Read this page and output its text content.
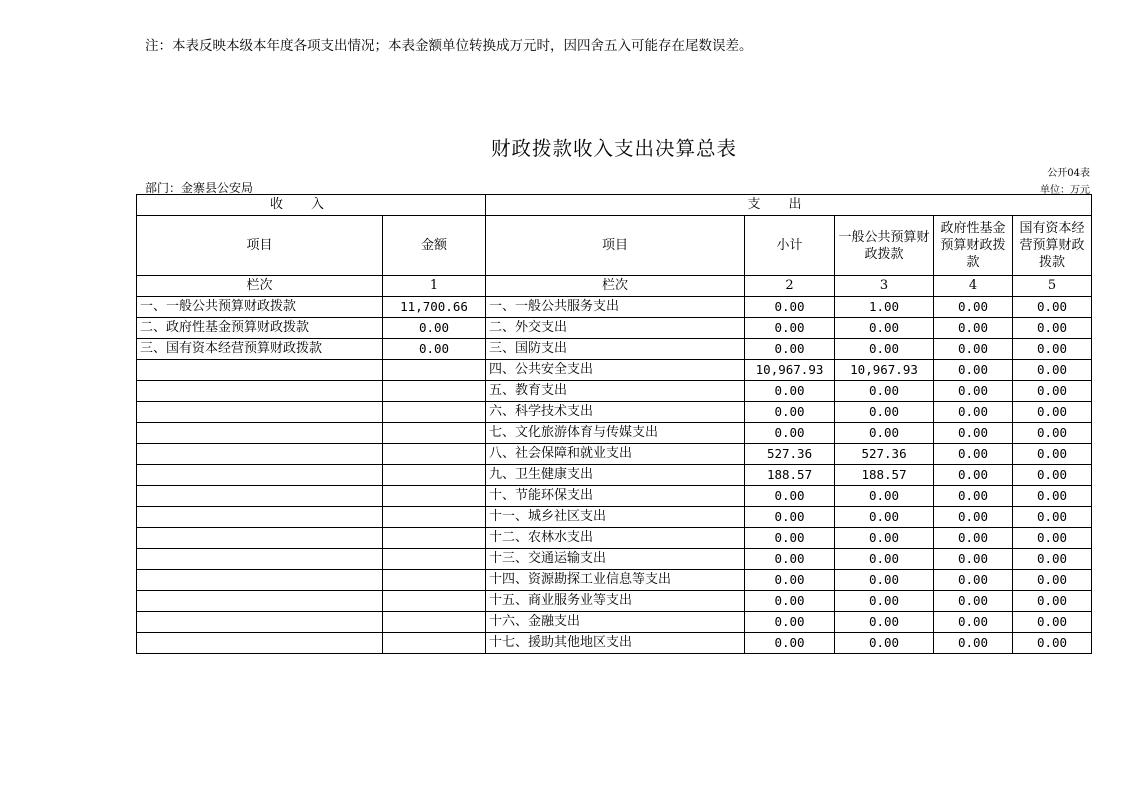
注：本表反映本级本年度各项支出情况；本表金额单位转换成万元时，因四舍五入可能存在尾数误差。
财政拨款收入支出决算总表
公开04表
部门：金寨县公安局	单位：万元
收入		支出				
项目	金额	项目	小计	一般公共预算财政拨款	政府性基金预算财政拨款	国有资本经营预算财政拨款
栏次	1	栏次	2	3	4	5
一、一般公共预算财政拨款	11,700.66	一、一般公共服务支出	0.00	1.00	0.00	0.00
二、政府性基金预算财政拨款	0.00	二、外交支出	0.00	0.00	0.00	0.00
三、国有资本经营预算财政拨款	0.00	三、国防支出	0.00	0.00	0.00	0.00
		四、公共安全支出	10,967.93	10,967.93	0.00	0.00
		五、教育支出	0.00	0.00	0.00	0.00
		六、科学技术支出	0.00	0.00	0.00	0.00
		七、文化旅游体育与传媒支出	0.00	0.00	0.00	0.00
		八、社会保障和就业支出	527.36	527.36	0.00	0.00
		九、卫生健康支出	188.57	188.57	0.00	0.00
		十、节能环保支出	0.00	0.00	0.00	0.00
		十一、城乡社区支出	0.00	0.00	0.00	0.00
		十二、农林水支出	0.00	0.00	0.00	0.00
		十三、交通运输支出	0.00	0.00	0.00	0.00
		十四、资源勘探工业信息等支出	0.00	0.00	0.00	0.00
		十五、商业服务业等支出	0.00	0.00	0.00	0.00
		十六、金融支出	0.00	0.00	0.00	0.00
		十七、援助其他地区支出	0.00	0.00	0.00	0.00
